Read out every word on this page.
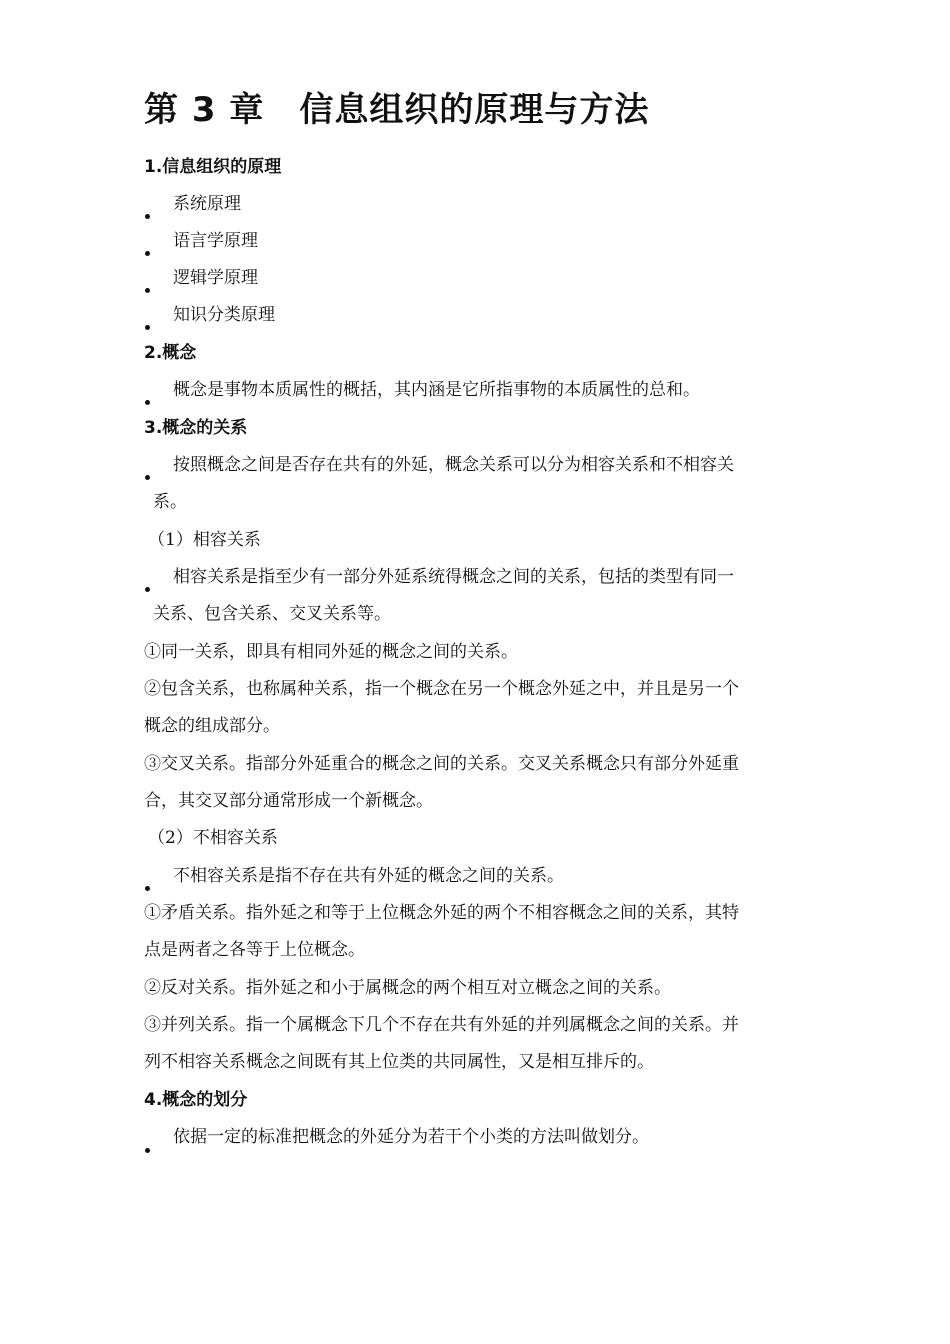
第 3 章　信息组织的原理与方法
1.信息组织的原理
系统原理
语言学原理
逻辑学原理
知识分类原理
2.概念
概念是事物本质属性的概括，其内涵是它所指事物的本质属性的总和。
3.概念的关系
按照概念之间是否存在共有的外延，概念关系可以分为相容关系和不相容关
系。
（1）相容关系
相容关系是指至少有一部分外延系统得概念之间的关系，包括的类型有同一
关系、包含关系、交叉关系等。
①同一关系，即具有相同外延的概念之间的关系。
②包含关系，也称属种关系，指一个概念在另一个概念外延之中，并且是另一个
概念的组成部分。
③交叉关系。指部分外延重合的概念之间的关系。交叉关系概念只有部分外延重
合，其交叉部分通常形成一个新概念。
（2）不相容关系
不相容关系是指不存在共有外延的概念之间的关系。
①矛盾关系。指外延之和等于上位概念外延的两个不相容概念之间的关系，其特
点是两者之各等于上位概念。
②反对关系。指外延之和小于属概念的两个相互对立概念之间的关系。
③并列关系。指一个属概念下几个不存在共有外延的并列属概念之间的关系。并
列不相容关系概念之间既有其上位类的共同属性，又是相互排斥的。
4.概念的划分
依据一定的标准把概念的外延分为若干个小类的方法叫做划分。
